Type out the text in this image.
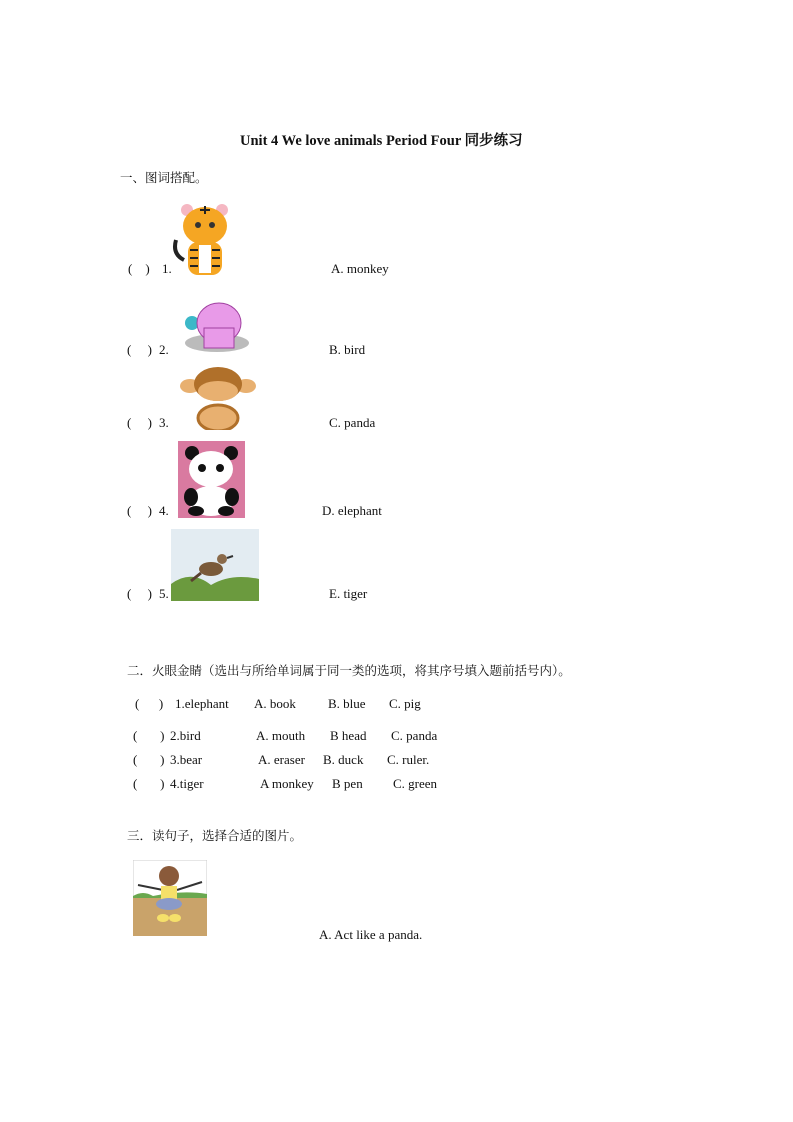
Unit 4 We love animals Period Four 同步练习
一、图词搭配。
(    ) 1.	A. monkey
(     ) 2.	B. bird
(     ) 3.	C. panda
(     ) 4.	D. elephant
(     ) 5.	E. tiger
二．火眼金睛（选出与所给单词属于同一类的选项，将其序号填入题前括号内）。
(      ) 1.elephant A. book B. blue C. pig
(       ) 2.bird	A. mouth B head C. panda
(       ) 3.bear	A. eraser B. duck C. ruler.
(       ) 4.tiger	A monkey B pen C. green
三．读句子，选择合适的图片。
A. Act like a panda.
